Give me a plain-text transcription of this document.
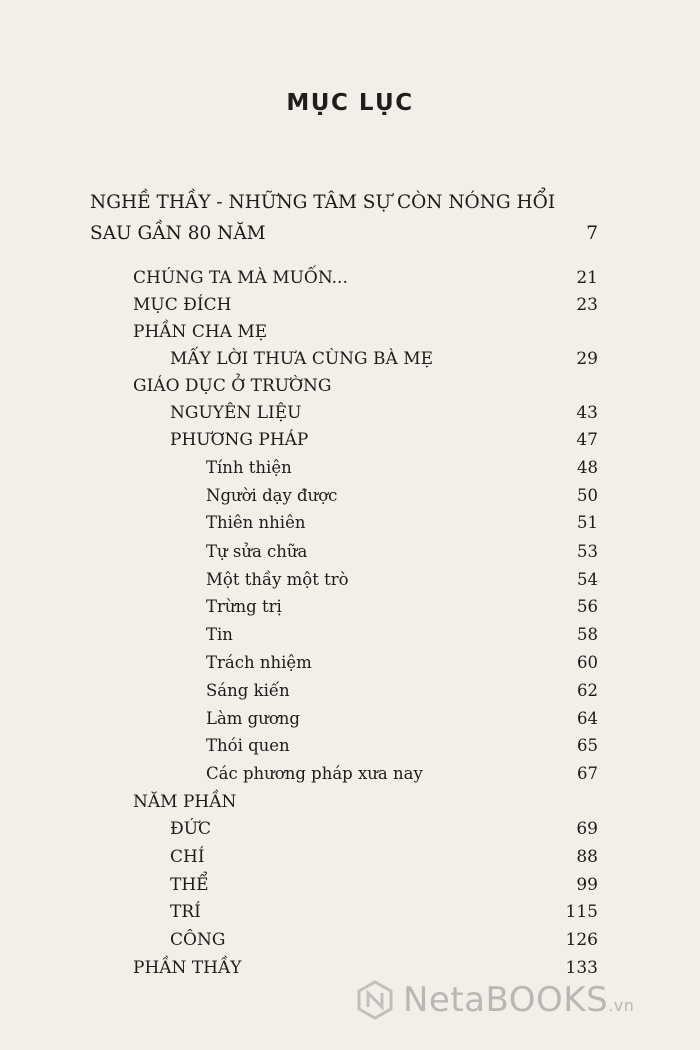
MỤC LỤC
NGHỀ THẦY - NHỮNG TÂM SỰ CÒN NÓNG HỔI
SAU GẦN 80 NĂM	7
CHÚNG TA MÀ MUỐN...	21
MỤC ĐÍCH	23
PHẦN CHA MẸ
MẤY LỜI THƯA CÙNG BÀ MẸ	29
GIÁO DỤC Ở TRƯỜNG
NGUYÊN LIỆU	43
PHƯƠNG PHÁP	47
Tính thiện	48
Người dạy được	50
Thiên nhiên	51
Tự sửa chữa	53
Một thầy một trò	54
Trừng trị	56
Tin	58
Trách nhiệm	60
Sáng kiến	62
Làm gương	64
Thói quen	65
Các phương pháp xưa nay	67
NĂM PHẦN
ĐỨC	69
CHÍ	88
THỂ	99
TRÍ	115
CÔNG	126
PHẦN THẦY	133
NetaBOOKS.vn
